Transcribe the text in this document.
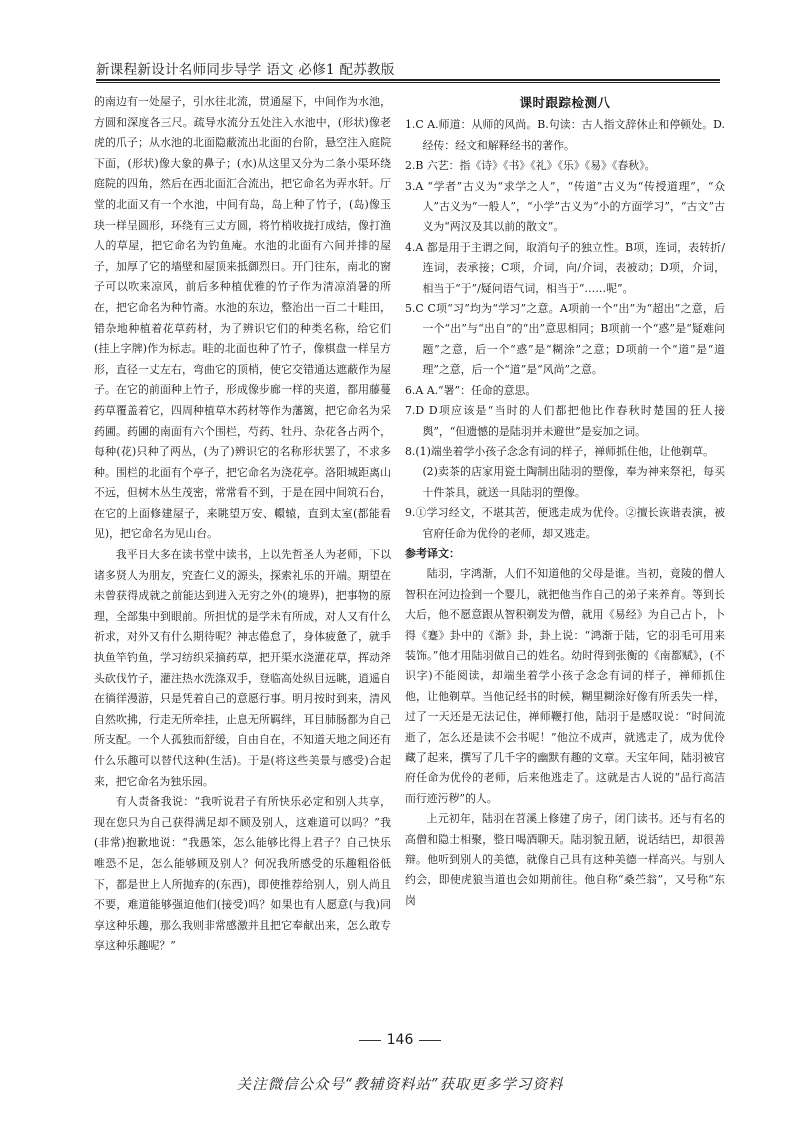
新课程新设计名师同步导学 语文 必修1 配苏教版

的南边有一处屋子，引水往北流，贯通屋下，中间作为水池，方圆和深度各三尺。疏导水流分五处注入水池中，(形状)像老虎的爪子；从水池的北面隐蔽流出北面的台阶，悬空注入庭院下面，(形状)像大象的鼻子；(水)从这里又分为二条小渠环绕庭院的四角，然后在西北面汇合流出，把它命名为弄水轩。厅堂的北面又有一个水池，中间有岛，岛上种了竹子，(岛)像玉玦一样呈圆形，环绕有三丈方圆，将竹梢收拢打成结，像打渔人的草屋，把它命名为钓鱼庵。水池的北面有六间并排的屋子，加厚了它的墙壁和屋顶来抵御烈日。开门往东，南北的窗子可以吹来凉风，前后多种植优雅的竹子作为清凉消暑的所在，把它命名为种竹斋。水池的东边，整治出一百二十畦田，错杂地种植着花草药材，为了辨识它们的种类名称，给它们(挂上字牌)作为标志。畦的北面也种了竹子，像棋盘一样呈方形，直径一丈左右，弯曲它的顶梢，使它交错通达遮蔽作为屋子。在它的前面种上竹子，形成像步廊一样的夹道，都用藤蔓药草覆盖着它，四周种植草木药材等作为藩篱，把它命名为采药圃。药圃的南面有六个围栏，芍药、牡丹、杂花各占两个，每种(花)只种了两丛，(为了)辨识它的名称形状罢了，不求多种。围栏的北面有个亭子，把它命名为浇花亭。洛阳城距离山不远，但树木丛生茂密，常常看不到，于是在园中间筑石台，在它的上面修建屋子，来眺望万安、轘辕，直到太室(都能看见)，把它命名为见山台。

我平日大多在读书堂中读书，上以先哲圣人为老师，下以诸多贤人为朋友，究查仁义的源头，探索礼乐的开端。期望在未曾获得成就之前能达到进入无穷之外(的境界)，把事物的原理，全部集中到眼前。所担忧的是学未有所成，对人又有什么祈求，对外又有什么期待呢？神志倦怠了，身体疲惫了，就手执鱼竿钓鱼，学习纺织采摘药草，把开渠水浇灌花草，挥动斧头砍伐竹子，灌注热水洗涤双手，登临高处纵目远眺，逍遥自在徜徉漫游，只是凭着自己的意愿行事。明月按时到来，清风自然吹拂，行走无所牵挂，止息无所羁绊，耳目肺肠都为自己所支配。一个人孤独而舒缓，自由自在，不知道天地之间还有什么乐趣可以替代这种(生活)。于是(将这些美景与感受)合起来，把它命名为独乐园。

有人责备我说：“我听说君子有所快乐必定和别人共享，现在您只为自己获得满足却不顾及别人，这难道可以吗？”我(非常)抱歉地说：“我愚笨，怎么能够比得上君子？自己快乐唯恐不足，怎么能够顾及别人？何况我所感受的乐趣粗俗低下，都是世上人所抛弃的(东西)，即使推荐给别人，别人尚且不要，难道能够强迫他们(接受)吗？如果也有人愿意(与我)同享这种乐趣，那么我则非常感激并且把它奉献出来，怎么敢专享这种乐趣呢？”

课时跟踪检测八

1.C A.师道：从师的风尚。B.句读：古人指文辞休止和停顿处。D.经传：经文和解释经书的著作。

2.B 六艺：指《诗》《书》《礼》《乐》《易》《春秋》。

3.A “学者”古义为“求学之人”，“传道”古义为“传授道理”，“众人”古义为“一般人”，“小学”古义为“小的方面学习”，“古文”古义为“两汉及其以前的散文”。

4.A 都是用于主谓之间，取消句子的独立性。B项，连词，表转折/连词，表承接；C项，介词，向/介词，表被动；D项，介词，相当于“于”/疑问语气词，相当于“……呢”。

5.C C项“习”均为“学习”之意。A项前一个“出”为“超出”之意，后一个“出”与“出自”的“出”意思相同；B项前一个“惑”是“疑难问题”之意，后一个“惑”是“糊涂”之意；D项前一个“道”是“道理”之意，后一个“道”是“风尚”之意。

6.A A.“署”：任命的意思。

7.D D项应该是“当时的人们都把他比作春秋时楚国的狂人接舆”，“但遗憾的是陆羽并未避世”是妄加之词。

8.(1)端坐着学小孩子念念有词的样子，禅师抓住他，让他剃草。

(2)卖茶的店家用瓷土陶制出陆羽的塑像，奉为神来祭祀，每买十件茶具，就送一具陆羽的塑像。

9.①学习经文，不堪其苦，便逃走成为优伶。②擅长诙谐表演，被官府任命为优伶的老师，却又逃走。

参考译文：

陆羽，字鸿渐，人们不知道他的父母是谁。当初，竟陵的僧人智积在河边捡到一个婴儿，就把他当作自己的弟子来养育。等到长大后，他不愿意跟从智积剃发为僧，就用《易经》为自己占卜，卜得《蹇》卦中的《渐》卦，卦上说：“鸿渐于陆，它的羽毛可用来装饰。”他才用陆羽做自己的姓名。幼时得到张衡的《南都赋》，(不识字)不能阅读，却端坐着学小孩子念念有词的样子，禅师抓住他，让他剃草。当他记经书的时候，糊里糊涂好像有所丢失一样，过了一天还是无法记住，禅师鞭打他，陆羽于是感叹说：“时间流逝了，怎么还是读不会书呢！”他泣不成声，就逃走了，成为优伶藏了起来，撰写了几千字的幽默有趣的文章。天宝年间，陆羽被官府任命为优伶的老师，后来他逃走了。这就是古人说的“品行高洁而行迹污秽”的人。

上元初年，陆羽在苕溪上修建了房子，闭门读书。还与有名的高僧和隐士相聚，整日喝酒聊天。陆羽貌丑陋，说话结巴，却很善辩。他听到别人的美德，就像自己具有这种美德一样高兴。与别人约会，即使虎狼当道也会如期前往。他自称“桑苎翁”，又号称“东岗

146
关注微信公众号“教辅资料站”获取更多学习资料
